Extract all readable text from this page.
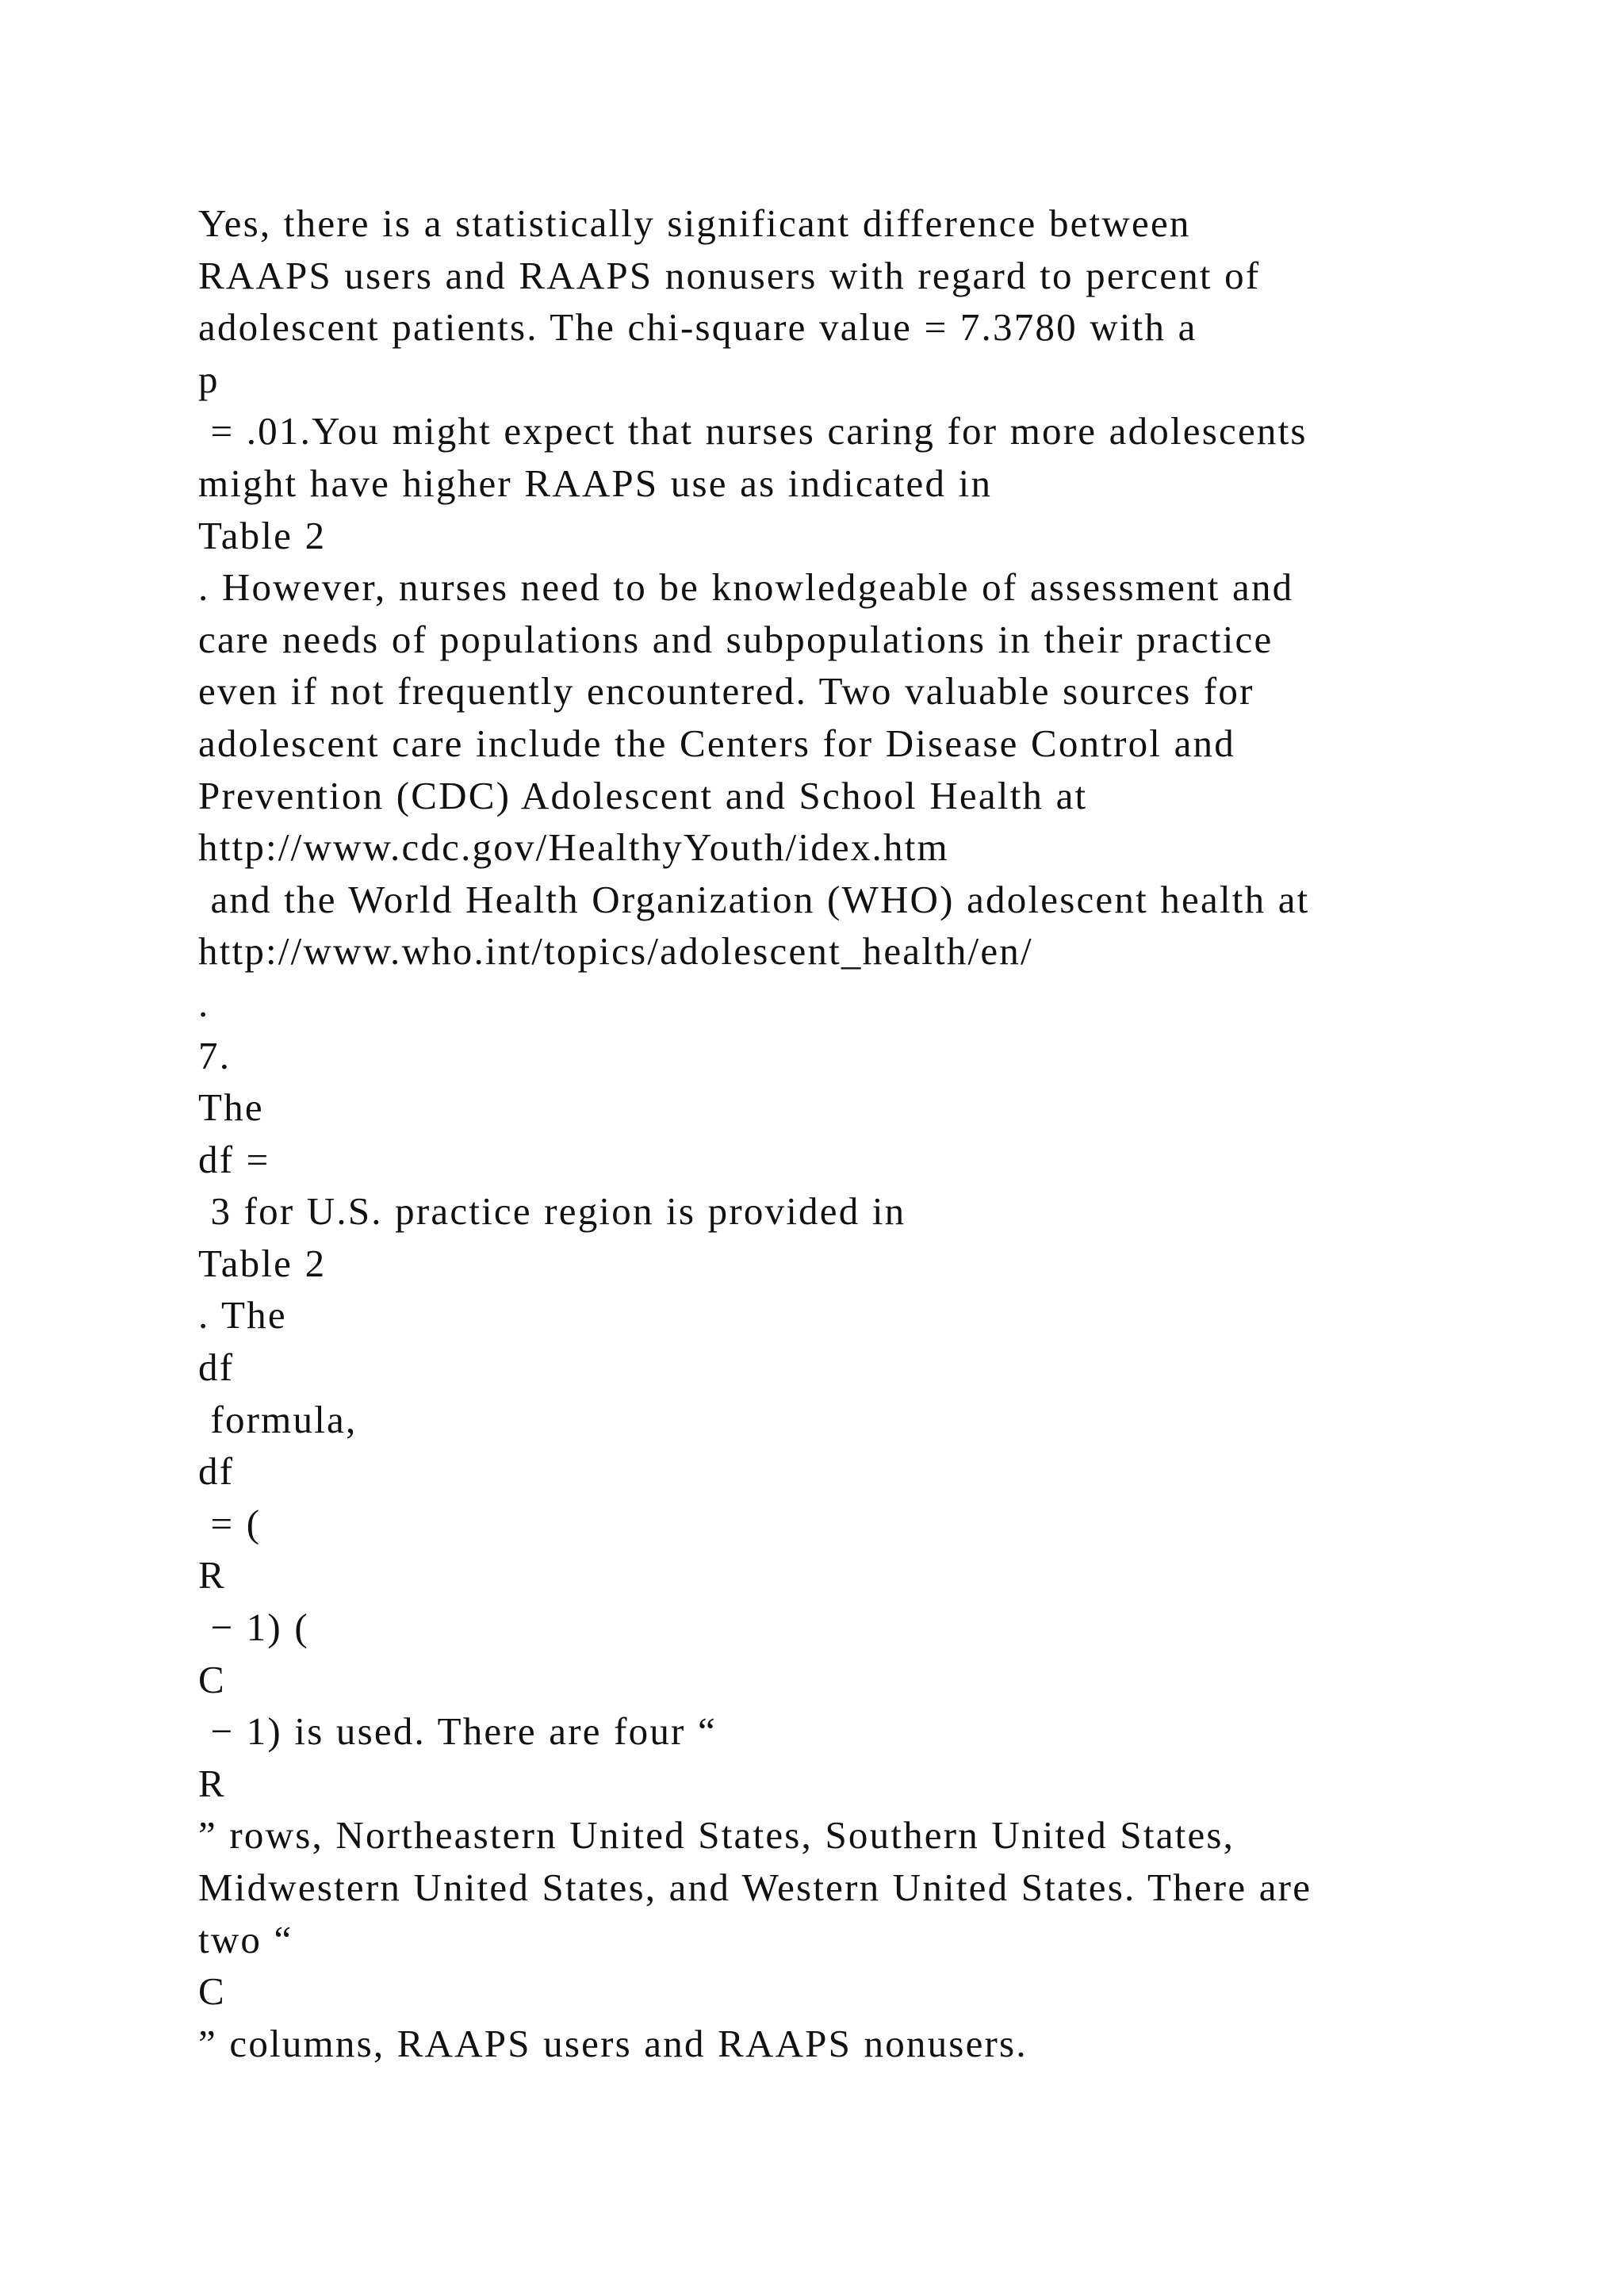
Yes, there is a statistically significant difference between
RAAPS users and RAAPS nonusers with regard to percent of
adolescent patients. The chi-square value = 7.3780 with a
p
= .01.You might expect that nurses caring for more adolescents
might have higher RAAPS use as indicated in
Table 2
. However, nurses need to be knowledgeable of assessment and
care needs of populations and subpopulations in their practice
even if not frequently encountered. Two valuable sources for
adolescent care include the Centers for Disease Control and
Prevention (CDC) Adolescent and School Health at
http://www.cdc.gov/HealthyYouth/idex.htm
and the World Health Organization (WHO) adolescent health at
http://www.who.int/topics/adolescent_health/en/
.
7.
The
df =
3 for U.S. practice region is provided in
Table 2
. The
df
formula,
df
= (
R
− 1) (
C
− 1) is used. There are four “
R
” rows, Northeastern United States, Southern United States,
Midwestern United States, and Western United States. There are
two “
C
” columns, RAAPS users and RAAPS nonusers.
